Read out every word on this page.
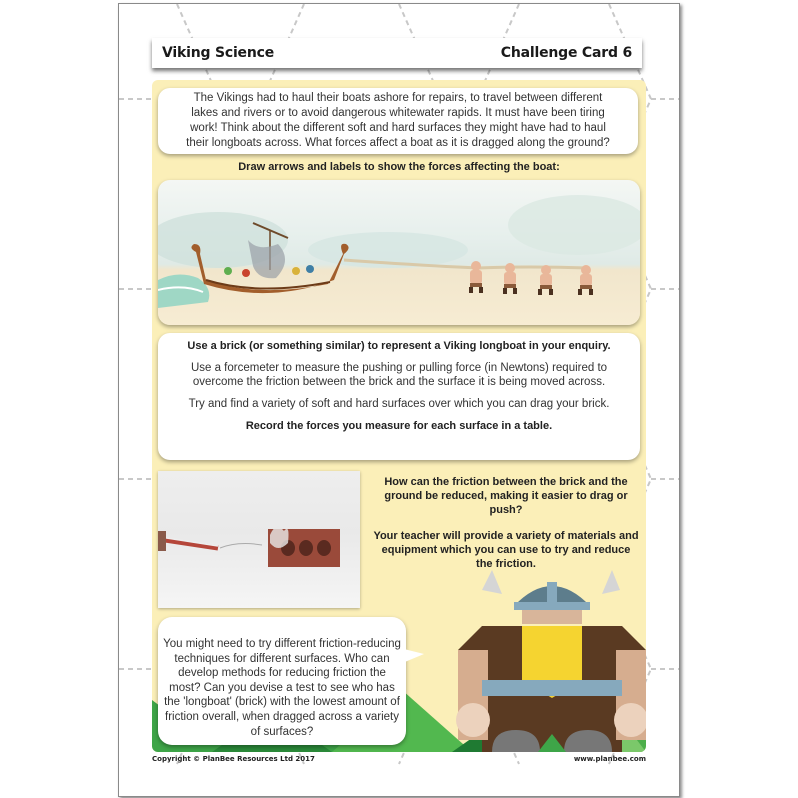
Viking Science	Challenge Card 6
The Vikings had to haul their boats ashore for repairs, to travel between different
lakes and rivers or to avoid dangerous whitewater rapids. It must have been tiring
work! Think about the different soft and hard surfaces they might have had to haul
their longboats across. What forces affect a boat as it is dragged along the ground?
Draw arrows and labels to show the forces affecting the boat:

Use a brick (or something similar) to represent a Viking longboat in your enquiry.

Use a forcemeter to measure the pushing or pulling force (in Newtons) required to
overcome the friction between the brick and the surface it is being moved across.

Try and find a variety of soft and hard surfaces over which you can drag your brick.

Record the forces you measure for each surface in a table.

How can the friction between the brick and the ground be reduced, making it easier to drag or push?

Your teacher will provide a variety of materials and equipment which you can use to try and reduce the friction.

You might need to try different friction-reducing techniques for different surfaces. Who can develop methods for reducing friction the most? Can you devise a test to see who has the 'longboat' (brick) with the lowest amount of friction overall, when dragged across a variety of surfaces?
Copyright © PlanBee Resources Ltd 2017	www.planbee.com
